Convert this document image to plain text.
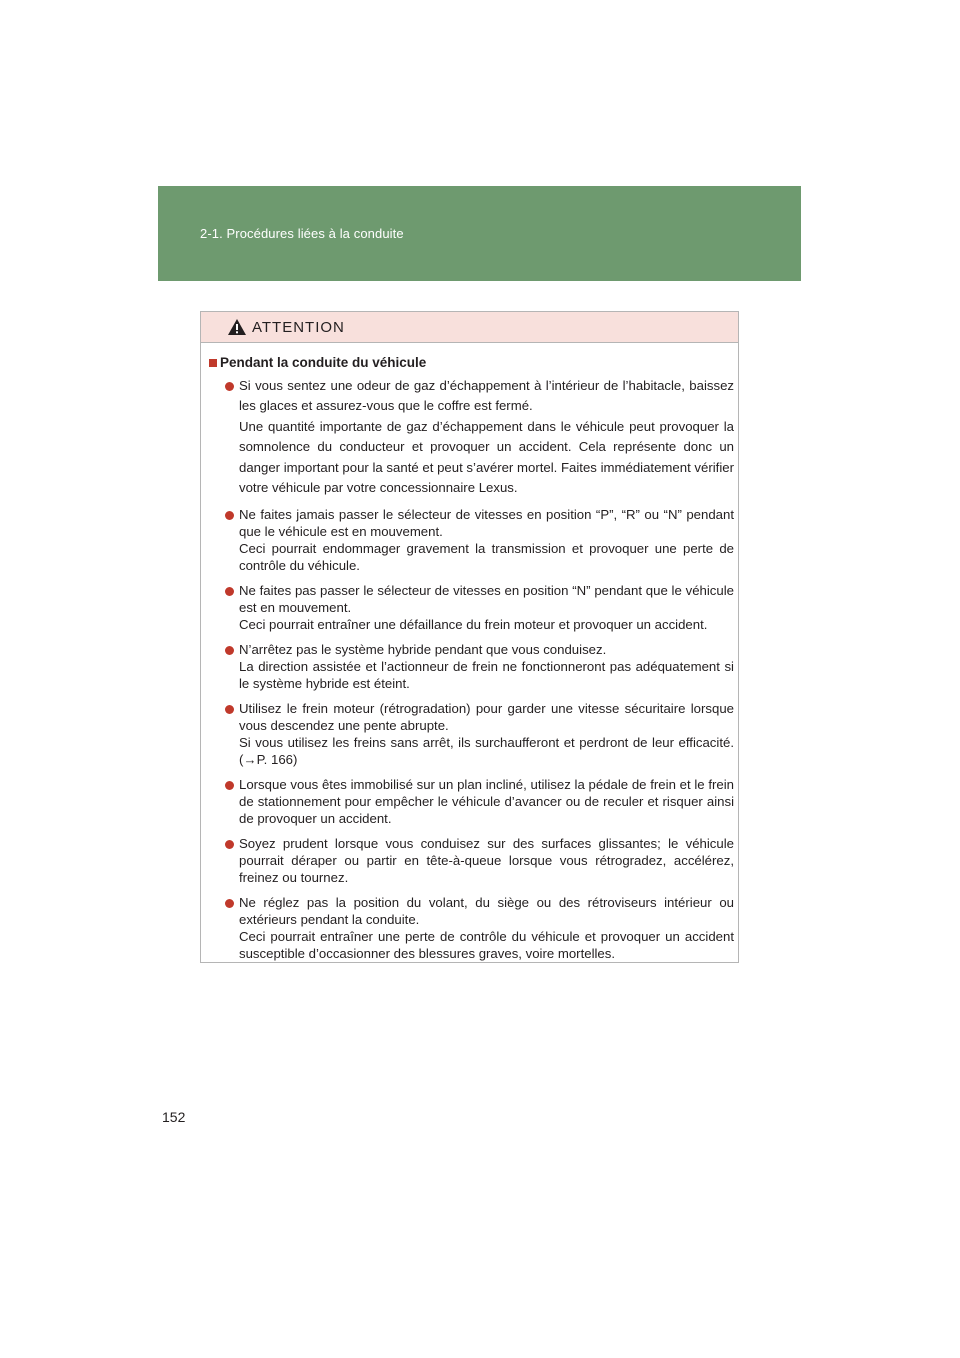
2-1. Procédures liées à la conduite
ATTENTION
Pendant la conduite du véhicule

Si vous sentez une odeur de gaz d’échappement à l’intérieur de l’habitacle, baissez les glaces et assurez-vous que le coffre est fermé.

Une quantité importante de gaz d’échappement dans le véhicule peut provoquer la somnolence du conducteur et provoquer un accident. Cela représente donc un danger important pour la santé et peut s’avérer mortel. Faites immédiatement vérifier votre véhicule par votre concessionnaire Lexus.

Ne faites jamais passer le sélecteur de vitesses en position “P”, “R” ou “N” pendant que le véhicule est en mouvement.

Ceci pourrait endommager gravement la transmission et provoquer une perte de contrôle du véhicule.

Ne faites pas passer le sélecteur de vitesses en position “N” pendant que le véhicule est en mouvement.

Ceci pourrait entraîner une défaillance du frein moteur et provoquer un accident.

N’arrêtez pas le système hybride pendant que vous conduisez.

La direction assistée et l’actionneur de frein ne fonctionneront pas adéquatement si le système hybride est éteint.

Utilisez le frein moteur (rétrogradation) pour garder une vitesse sécuritaire lorsque vous descendez une pente abrupte.

Si vous utilisez les freins sans arrêt, ils surchaufferont et perdront de leur efficacité. (→P. 166)

Lorsque vous êtes immobilisé sur un plan incliné, utilisez la pédale de frein et le frein de stationnement pour empêcher le véhicule d’avancer ou de reculer et risquer ainsi de provoquer un accident.

Soyez prudent lorsque vous conduisez sur des surfaces glissantes; le véhicule pourrait déraper ou partir en tête-à-queue lorsque vous rétrogradez, accélérez, freinez ou tournez.

Ne réglez pas la position du volant, du siège ou des rétroviseurs intérieur ou extérieurs pendant la conduite.

Ceci pourrait entraîner une perte de contrôle du véhicule et provoquer un accident susceptible d’occasionner des blessures graves, voire mortelles.

152
